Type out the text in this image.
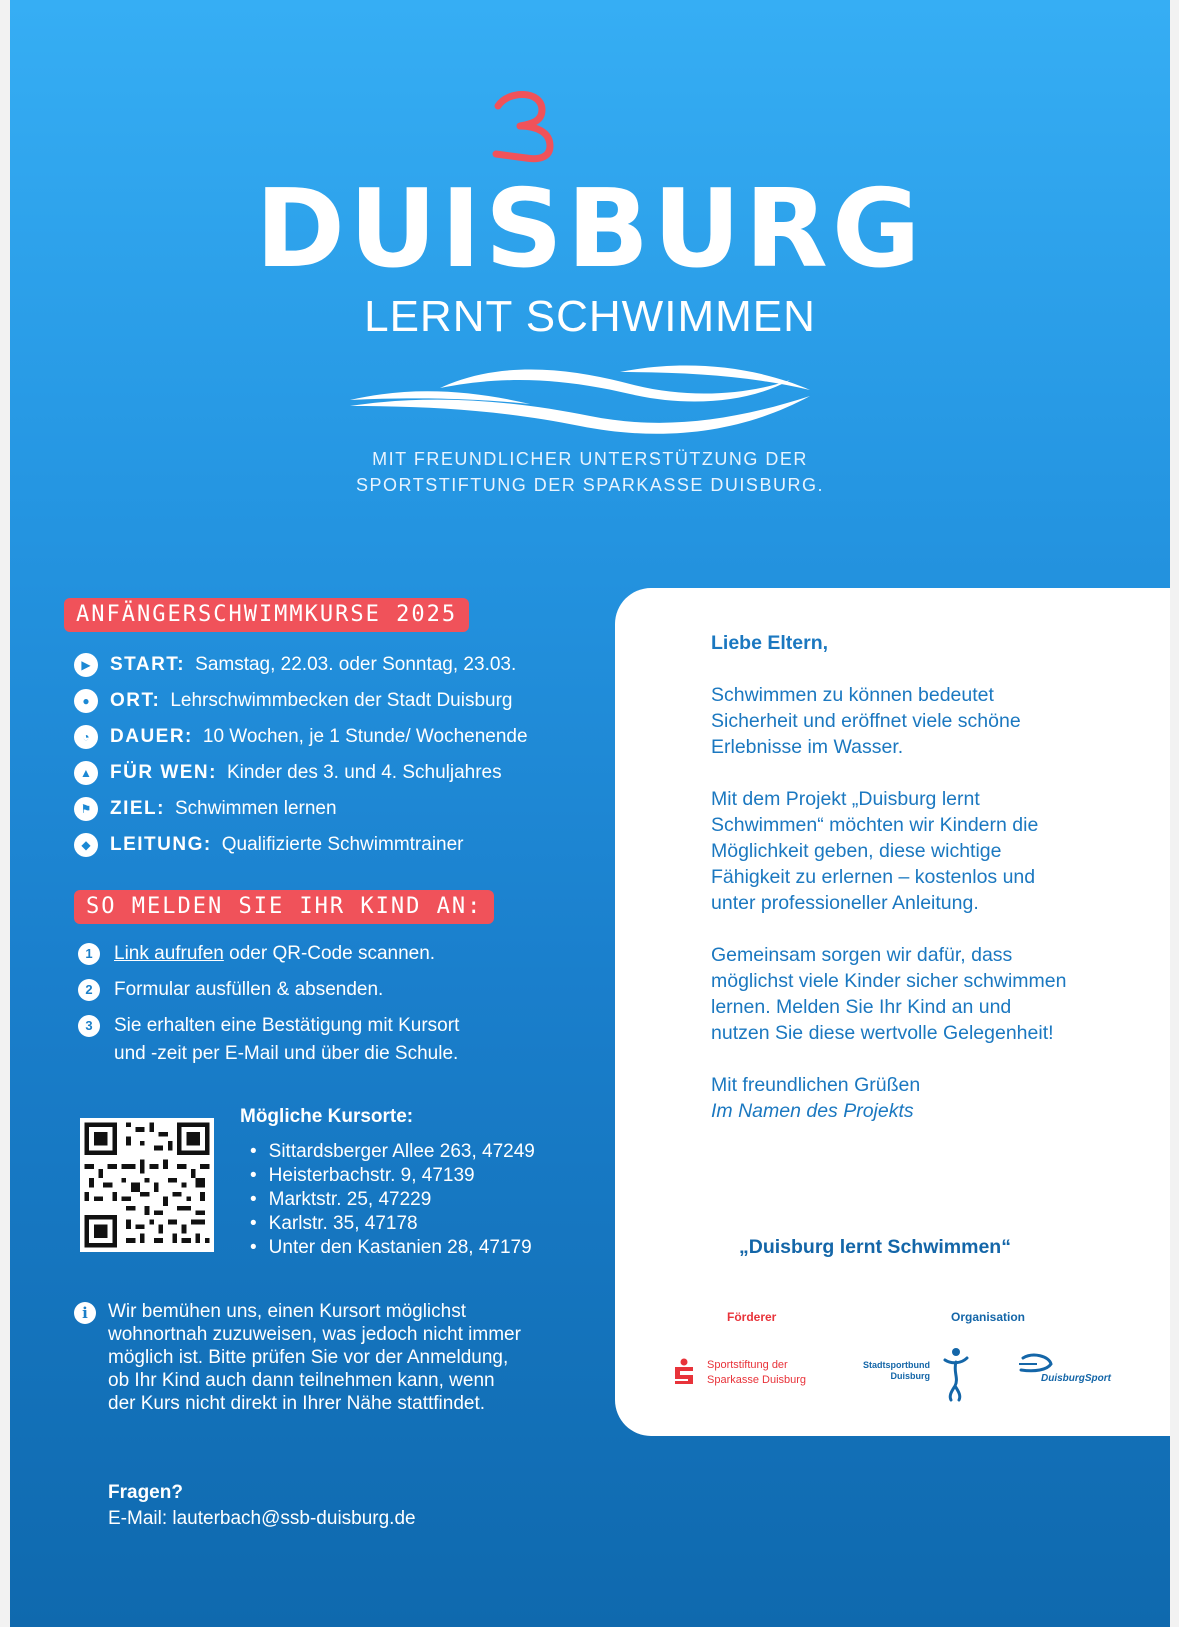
DUISBURG
LERNT SCHWIMMEN
MIT FREUNDLICHER UNTERSTÜTZUNG DER
SPORTSTIFTUNG DER SPARKASSE DUISBURG.
ANFÄNGERSCHWIMMKURSE 2025
▶	START: Samstag, 22.03. oder Sonntag, 23.03.
●	ORT: Lehrschwimmbecken der Stadt Duisburg
◔	DAUER: 10 Wochen, je 1 Stunde/ Wochenende
▲ FÜR WEN: Kinder des 3. und 4. Schuljahres
⚑ ZIEL: Schwimmen lernen
◆	LEITUNG: Qualifizierte Schwimmtrainer
SO MELDEN SIE IHR KIND AN:
1	Link aufrufen oder QR-Code scannen.
2	Formular ausfüllen & absenden.
3	Sie erhalten eine Bestätigung mit Kursort
und -zeit per E-Mail und über die Schule.
Mögliche Kursorte:
• Sittardsberger Allee 263, 47249
• Heisterbachstr. 9, 47139
• Marktstr. 25, 47229
• Karlstr. 35, 47178
• Unter den Kastanien 28, 47179
i	Wir bemühen uns, einen Kursort möglichst wohnortnah zuzuweisen, was jedoch nicht immer möglich ist. Bitte prüfen Sie vor der Anmeldung, ob Ihr Kind auch dann teilnehmen kann, wenn der Kurs nicht direkt in Ihrer Nähe stattfindet.
Fragen?
E-Mail: lauterbach@ssb-duisburg.de

Liebe Eltern,

Schwimmen zu können bedeutet Sicherheit und eröffnet viele schöne Erlebnisse im Wasser.

Mit dem Projekt „Duisburg lernt Schwimmen“ möchten wir Kindern die Möglichkeit geben, diese wichtige Fähigkeit zu erlernen – kostenlos und unter professioneller Anleitung.

Gemeinsam sorgen wir dafür, dass möglichst viele Kinder sicher schwimmen lernen. Melden Sie Ihr Kind an und nutzen Sie diese wertvolle Gelegenheit!

Mit freundlichen Grüßen
Im Namen des Projekts

„Duisburg lernt Schwimmen“
Förderer	Organisation
Sportstiftung der
Sparkasse Duisburg
Stadtsportbund
Duisburg	DuisburgSport
